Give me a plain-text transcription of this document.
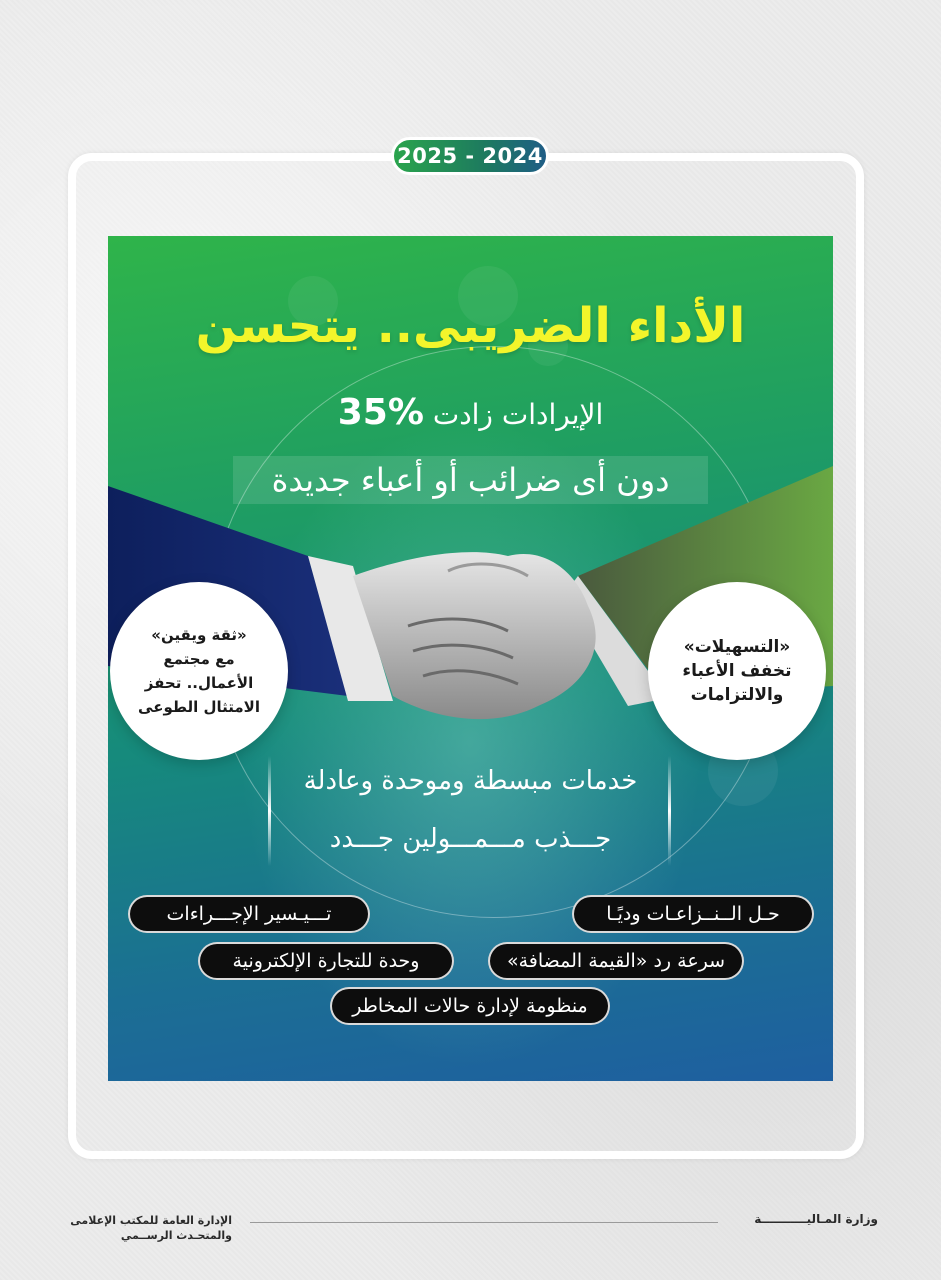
2025 - 2024
الأداء الضريبى.. يتحسن
الإيرادات زادت 35%
دون أى ضرائب أو أعباء جديدة
«ثقة ويقين»
مع مجتمع
الأعمال.. تحفز
الامتثال الطوعى
«التسهيلات»
تخفف الأعباء
والالتزامات
خدمات مبسطة وموحدة وعادلة
جـــذب مـــمـــولين جـــدد
تـــيـسير الإجـــراءات	حـل الــنــزاعـات وديًـا
وحدة للتجارة الإلكترونية	سرعة رد «القيمة المضافة»
منظومة لإدارة حالات المخاطر
وزارة المـاليـــــــــــة
الإدارة العامة للمكتب الإعلامى
والمتحـدث الرســمي
